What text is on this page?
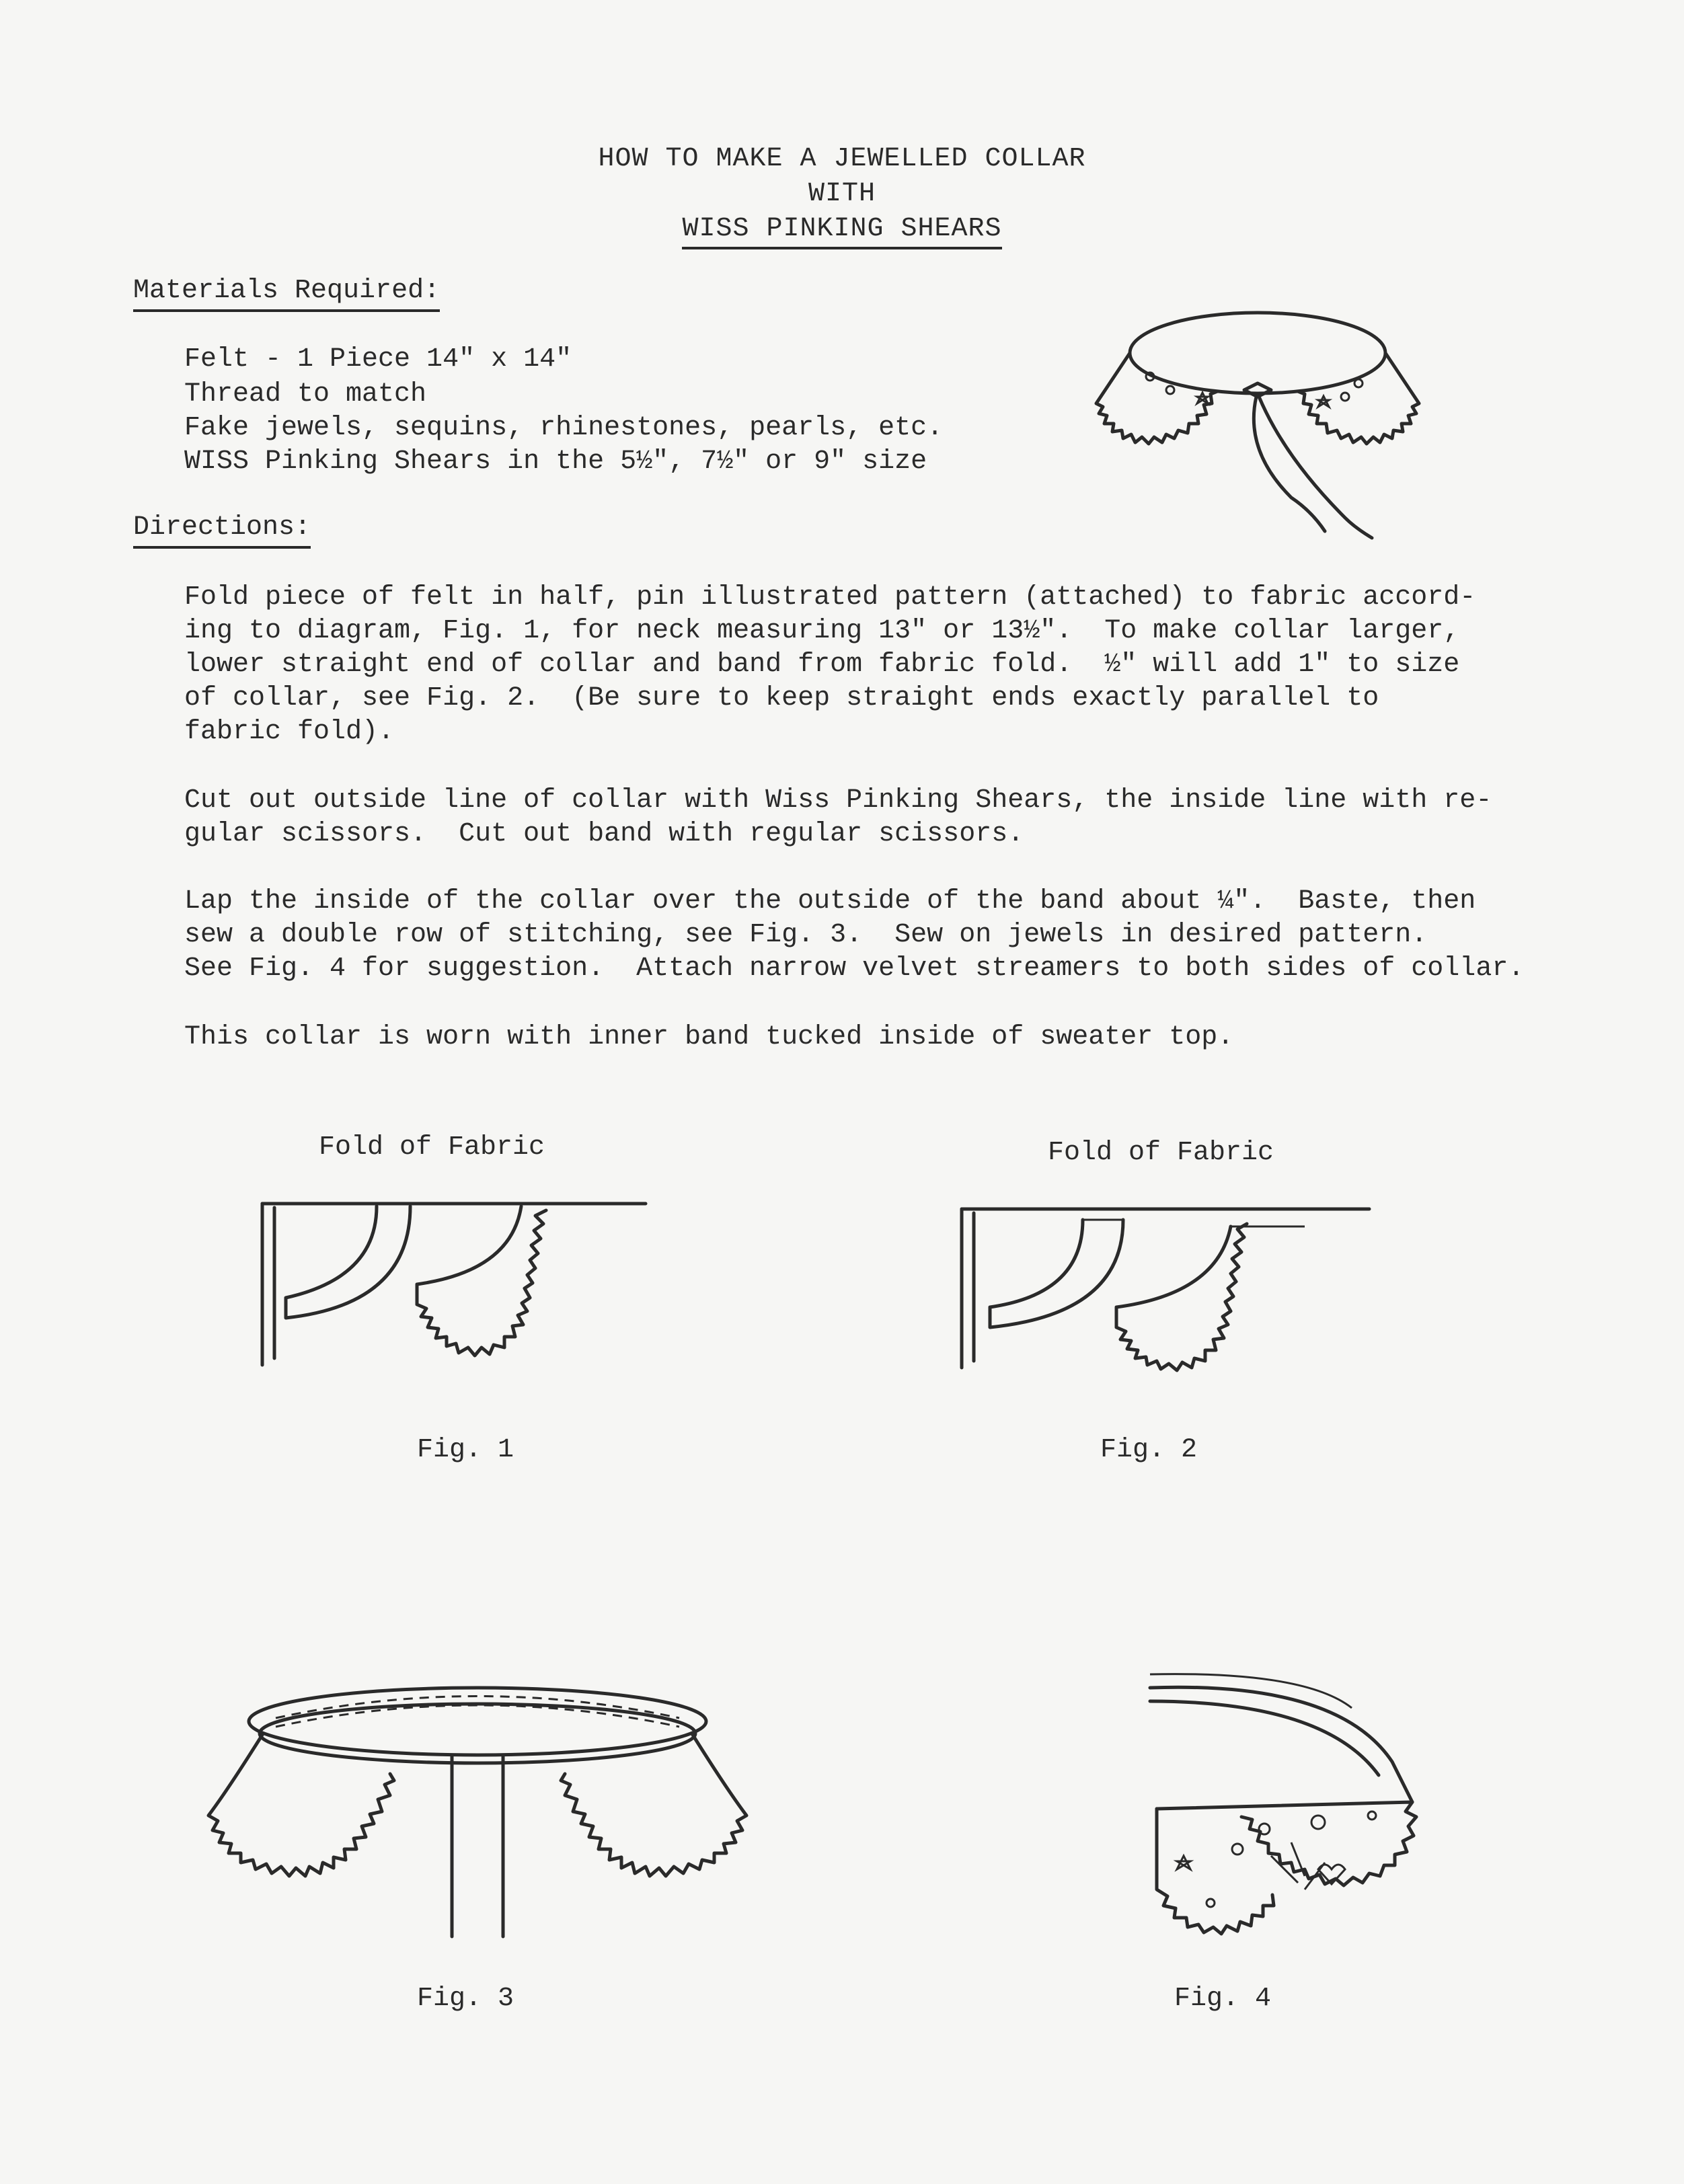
HOW TO MAKE A JEWELLED COLLAR
WITH
WISS PINKING SHEARS
Materials Required:
Felt - 1 Piece 14" x 14"
Thread to match
Fake jewels, sequins, rhinestones, pearls, etc.
WISS Pinking Shears in the 5½", 7½" or 9" size
Directions:
Fold piece of felt in half, pin illustrated pattern (attached) to fabric accord-
ing to diagram, Fig. 1, for neck measuring 13" or 13½".  To make collar larger,
lower straight end of collar and band from fabric fold.  ½" will add 1" to size
of collar, see Fig. 2.  (Be sure to keep straight ends exactly parallel to
fabric fold).
Cut out outside line of collar with Wiss Pinking Shears, the inside line with re-
gular scissors.  Cut out band with regular scissors.
Lap the inside of the collar over the outside of the band about ¼".  Baste, then
sew a double row of stitching, see Fig. 3.  Sew on jewels in desired pattern.
See Fig. 4 for suggestion.  Attach narrow velvet streamers to both sides of collar.
This collar is worn with inner band tucked inside of sweater top.
Fold of Fabric
Fig. 1
Fold of Fabric
Fig. 2
Fig. 3	Fig. 4
